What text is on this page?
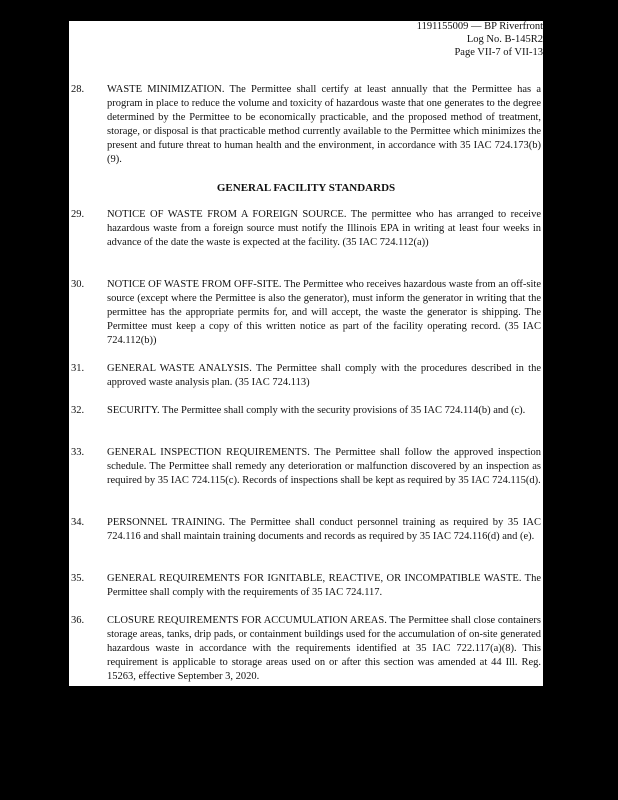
1191155009 — BP Riverfront
Log No. B-145R2
Page VII-7 of VII-13
28. WASTE MINIMIZATION. The Permittee shall certify at least annually that the Permittee has a program in place to reduce the volume and toxicity of hazardous waste that one generates to the degree determined by the Permittee to be economically practicable, and the proposed method of treatment, storage, or disposal is that practicable method currently available to the Permittee which minimizes the present and future threat to human health and the environment, in accordance with 35 IAC 724.173(b)(9).
GENERAL FACILITY STANDARDS
29. NOTICE OF WASTE FROM A FOREIGN SOURCE. The permittee who has arranged to receive hazardous waste from a foreign source must notify the Illinois EPA in writing at least four weeks in advance of the date the waste is expected at the facility. (35 IAC 724.112(a))
30. NOTICE OF WASTE FROM OFF-SITE. The Permittee who receives hazardous waste from an off-site source (except where the Permittee is also the generator), must inform the generator in writing that the permittee has the appropriate permits for, and will accept, the waste the generator is shipping. The Permittee must keep a copy of this written notice as part of the facility operating record. (35 IAC 724.112(b))
31. GENERAL WASTE ANALYSIS. The Permittee shall comply with the procedures described in the approved waste analysis plan. (35 IAC 724.113)
32. SECURITY. The Permittee shall comply with the security provisions of 35 IAC 724.114(b) and (c).
33. GENERAL INSPECTION REQUIREMENTS. The Permittee shall follow the approved inspection schedule. The Permittee shall remedy any deterioration or malfunction discovered by an inspection as required by 35 IAC 724.115(c). Records of inspections shall be kept as required by 35 IAC 724.115(d).
34. PERSONNEL TRAINING. The Permittee shall conduct personnel training as required by 35 IAC 724.116 and shall maintain training documents and records as required by 35 IAC 724.116(d) and (e).
35. GENERAL REQUIREMENTS FOR IGNITABLE, REACTIVE, OR INCOMPATIBLE WASTE. The Permittee shall comply with the requirements of 35 IAC 724.117.
36. CLOSURE REQUIREMENTS FOR ACCUMULATION AREAS. The Permittee shall close containers storage areas, tanks, drip pads, or containment buildings used for the accumulation of on-site generated hazardous waste in accordance with the requirements identified at 35 IAC 722.117(a)(8). This requirement is applicable to storage areas used on or after this section was amended at 44 Ill. Reg. 15263, effective September 3, 2020.
